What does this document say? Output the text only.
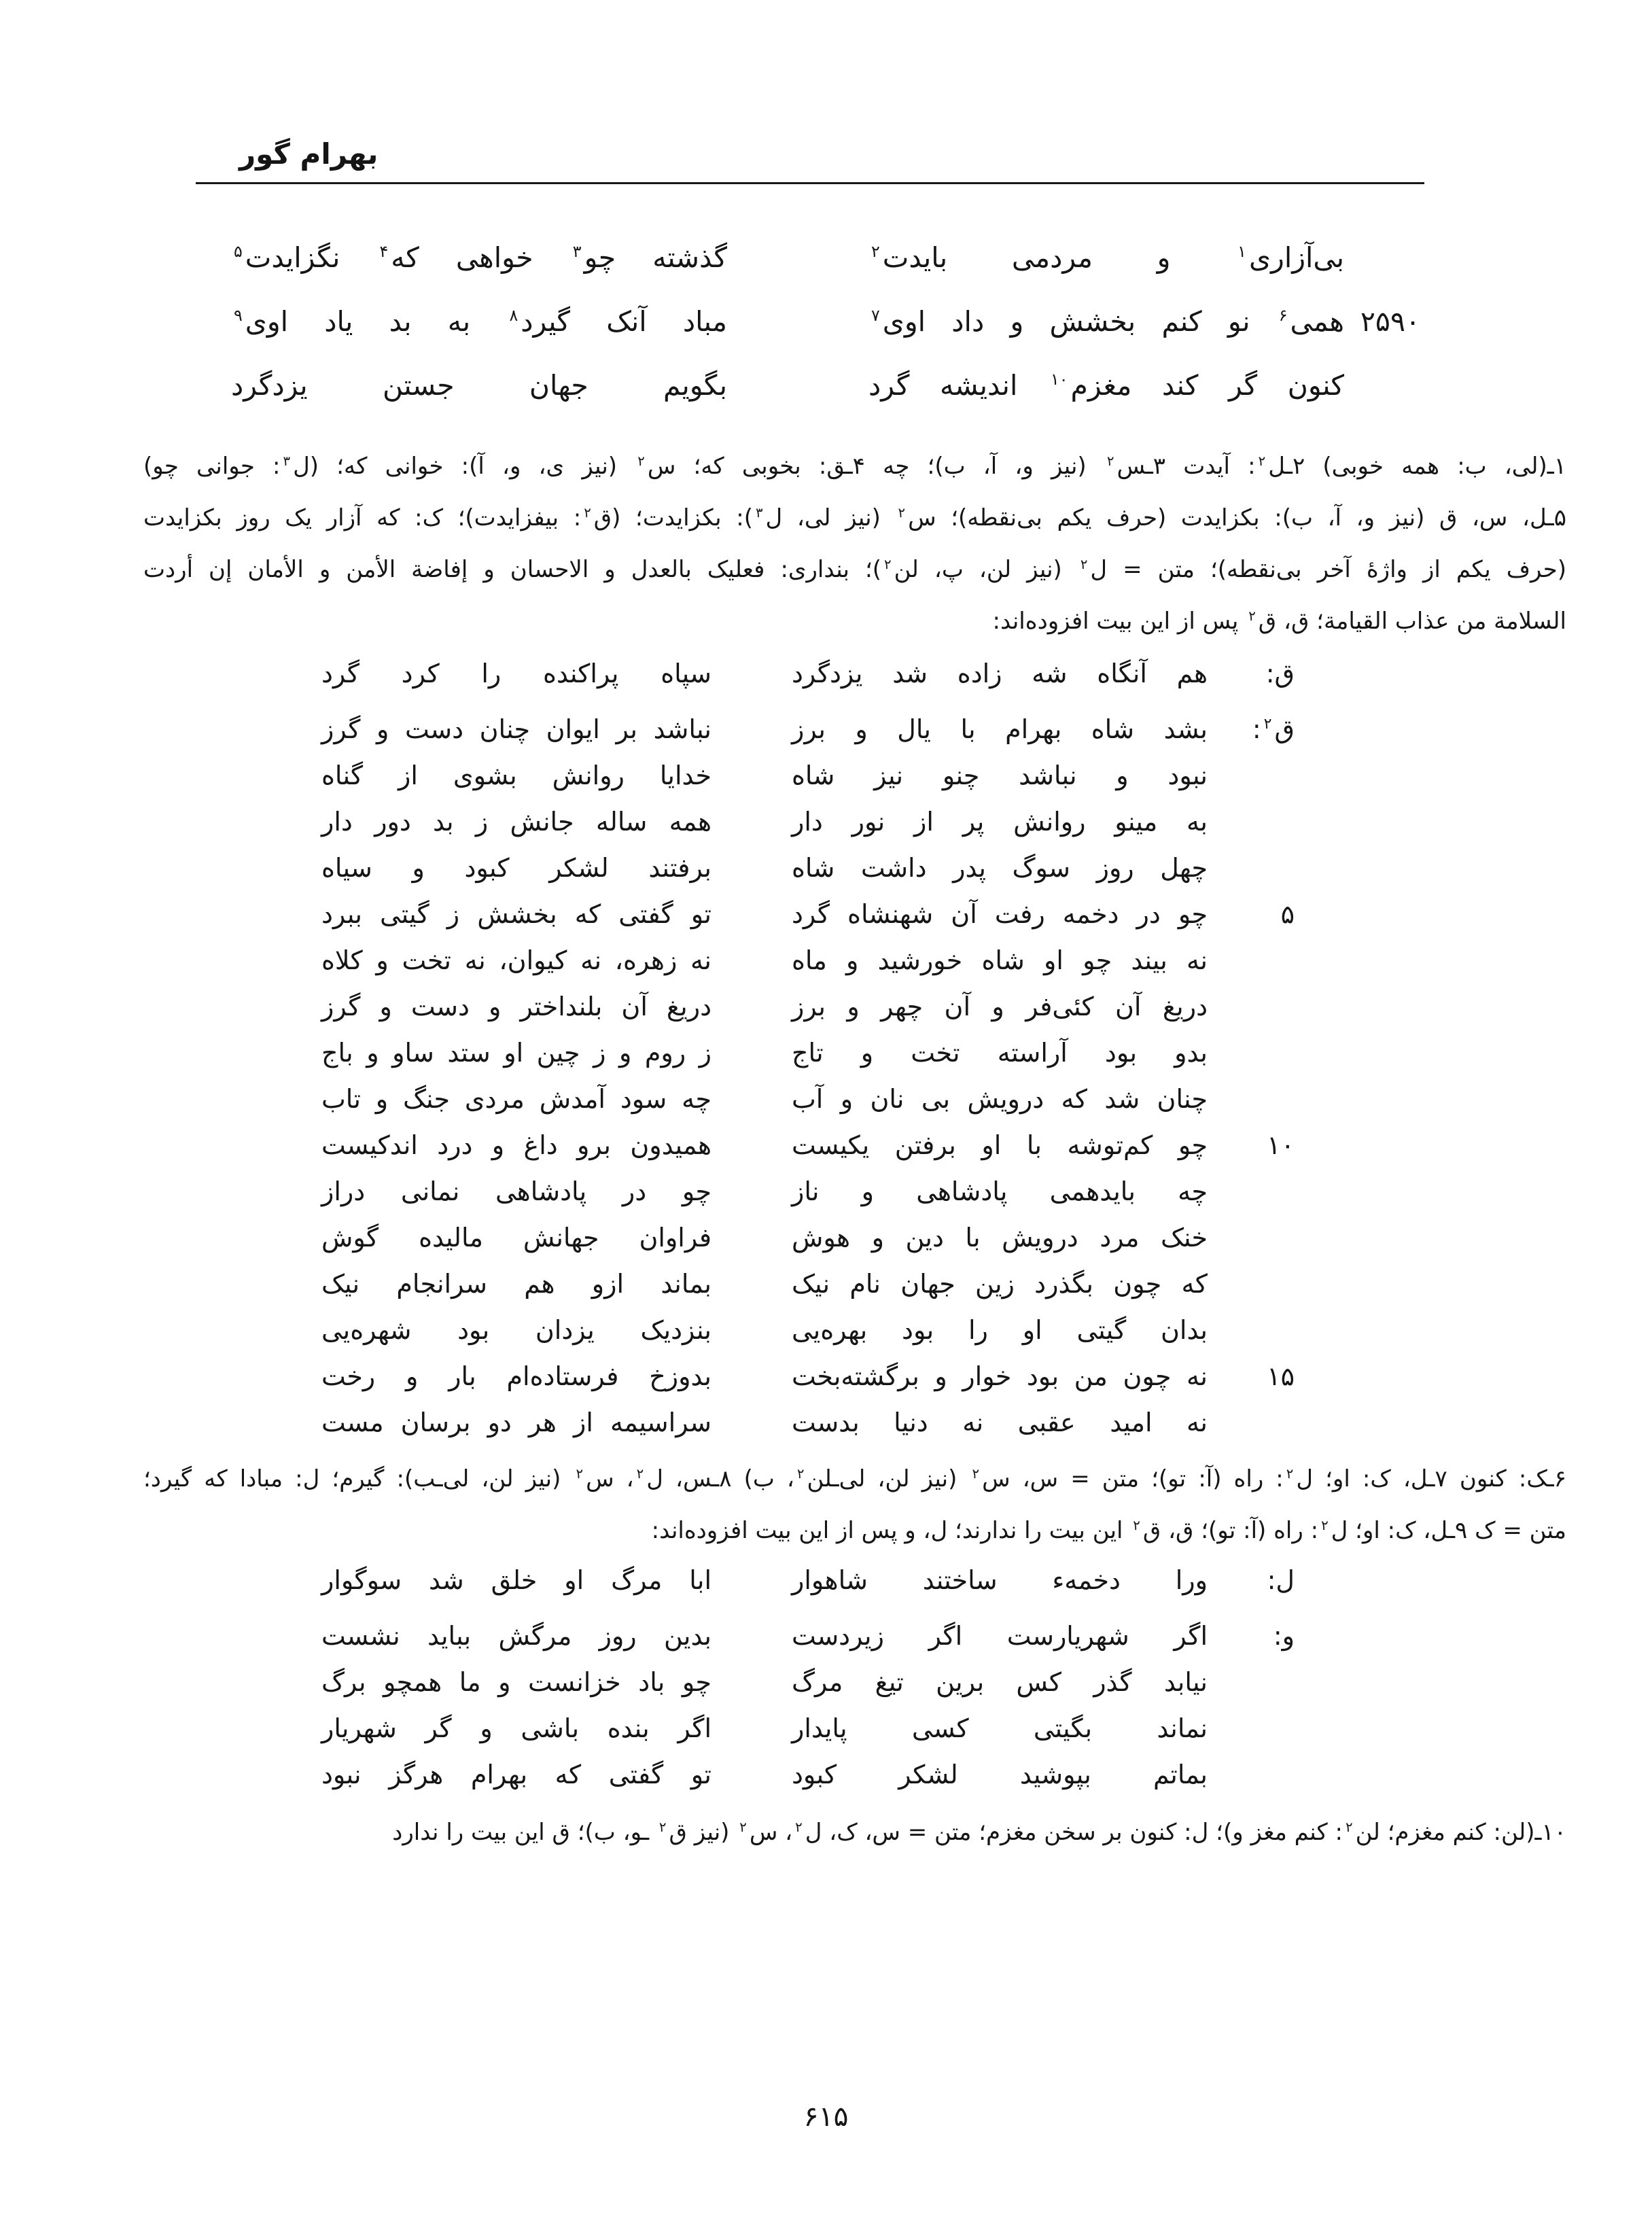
بهرام گور
بی‌آزاری$^۱$ و مردمی بایدت$^۲$
گذشته چو$^۳$ خواهی که$^۴$ نگزایدت$^۵$
۲۵۹۰
همی$^۶$ نو کنم بخشش و داد اوی$^۷$
مباد آنک گیرد$^۸$ به بد یاد اوی$^۹$
کنون گر کند مغزم$^{۱۰}$ اندیشه گرد
بگویم جهان جستن یزدگرد
۱ـ(لی، ب: همه خوبی) ۲ـل$^۲$: آیدت ۳ـس$^۲$ (نیز و، آ، ب)؛ چه ۴ـق: بخوبی که؛ س$^۲$ (نیز ی، و، آ): خوانی که؛ (ل$^۳$: جوانی چو)
۵ـل، س، ق (نیز و، آ، ب): بکزایدت (حرف یکم بی‌نقطه)؛ س$^۲$ (نیز لی، ل$^۳$): بکزایدت؛ (ق$^۲$: بیفزایدت)؛ ک: که آزار یک روز بکزایدت
(حرف یکم از واژهٔ آخر بی‌نقطه)؛ متن = ل$^۲$ (نیز لن، پ، لن$^۲$)؛ بنداری: فعلیک بالعدل و الاحسان و إفاضة الأمن و الأمان إن أردت
السلامة من عذاب القيامة؛ ق، ق$^۲$ پس از این بیت افزوده‌اند:
ق:
هم آنگاه شه زاده شد یزدگرد
سپاه پراکنده را کرد گرد
ق$^۲$:
بشد شاه بهرام با یال و برز
نباشد بر ایوان چنان دست و گرز
نبود و نباشد چنو نیز شاه
خدایا روانش بشوی از گناه
به مینو روانش پر از نور دار
همه ساله جانش ز بد دور دار
چهل روز سوگ پدر داشت شاه
برفتند لشکر کبود و سیاه
۵
چو در دخمه رفت آن شهنشاه گرد
تو گفتی که بخشش ز گیتی ببرد
نه بیند چو او شاه خورشید و ماه
نه زهره، نه کیوان، نه تخت و کلاه
دریغ آن کئی‌فر و آن چهر و برز
دریغ آن بلنداختر و دست و گرز
بدو بود آراسته تخت و تاج
ز روم و ز چین او ستد ساو و باج
چنان شد که درویش بی نان و آب
چه سود آمدش مردی جنگ و تاب
۱۰
چو کم‌توشه با او برفتن یکیست
همیدون برو داغ و درد اندکیست
چه بایدهمی پادشاهی و ناز
چو در پادشاهی نمانی دراز
خنک مرد درویش با دین و هوش
فراوان جهانش مالیده گوش
که چون بگذرد زین جهان نام نیک
بماند ازو هم سرانجام نیک
بدان گیتی او را بود بهره‌یی
بنزدیک یزدان بود شهره‌یی
۱۵
نه چون من بود خوار و برگشته‌بخت
بدوزخ فرستاده‌ام بار و رخت
نه امید عقبی نه دنیا بدست
سراسیمه از هر دو برسان مست
۶ـک: کنون ۷ـل، ک: او؛ ل$^۲$: راه (آ: تو)؛ متن = س، س$^۲$ (نیز لن، لی‌ـلن$^۲$، ب) ۸ـس، ل$^۲$، س$^۲$ (نیز لن، لی‌ـب): گیرم؛ ل: مبادا که گیرد؛
متن = ک ۹ـل، ک: او؛ ل$^۲$: راه (آ: تو)؛ ق، ق$^۲$ این بیت را ندارند؛ ل، و پس از این بیت افزوده‌اند:
ل:
ورا دخمه‌ء ساختند شاهوار
ابا مرگ او خلق شد سوگوار
و:
اگر شهریارست اگر زیردست
بدین روز مرگش بباید نشست
نیابد گذر کس برین تیغ مرگ
چو باد خزانست و ما همچو برگ
نماند بگیتی کسی پایدار
اگر بنده باشی و گر شهریار
بماتم بپوشید لشکر کبود
تو گفتی که بهرام هرگز نبود
۱۰ـ(لن: کنم مغزم؛ لن$^۲$: کنم مغز و)؛ ل: کنون بر سخن مغزم؛ متن = س، ک، ل$^۲$، س$^۲$ (نیز ق$^۲$ ـو، ب)؛ ق این بیت را ندارد
۶۱۵
